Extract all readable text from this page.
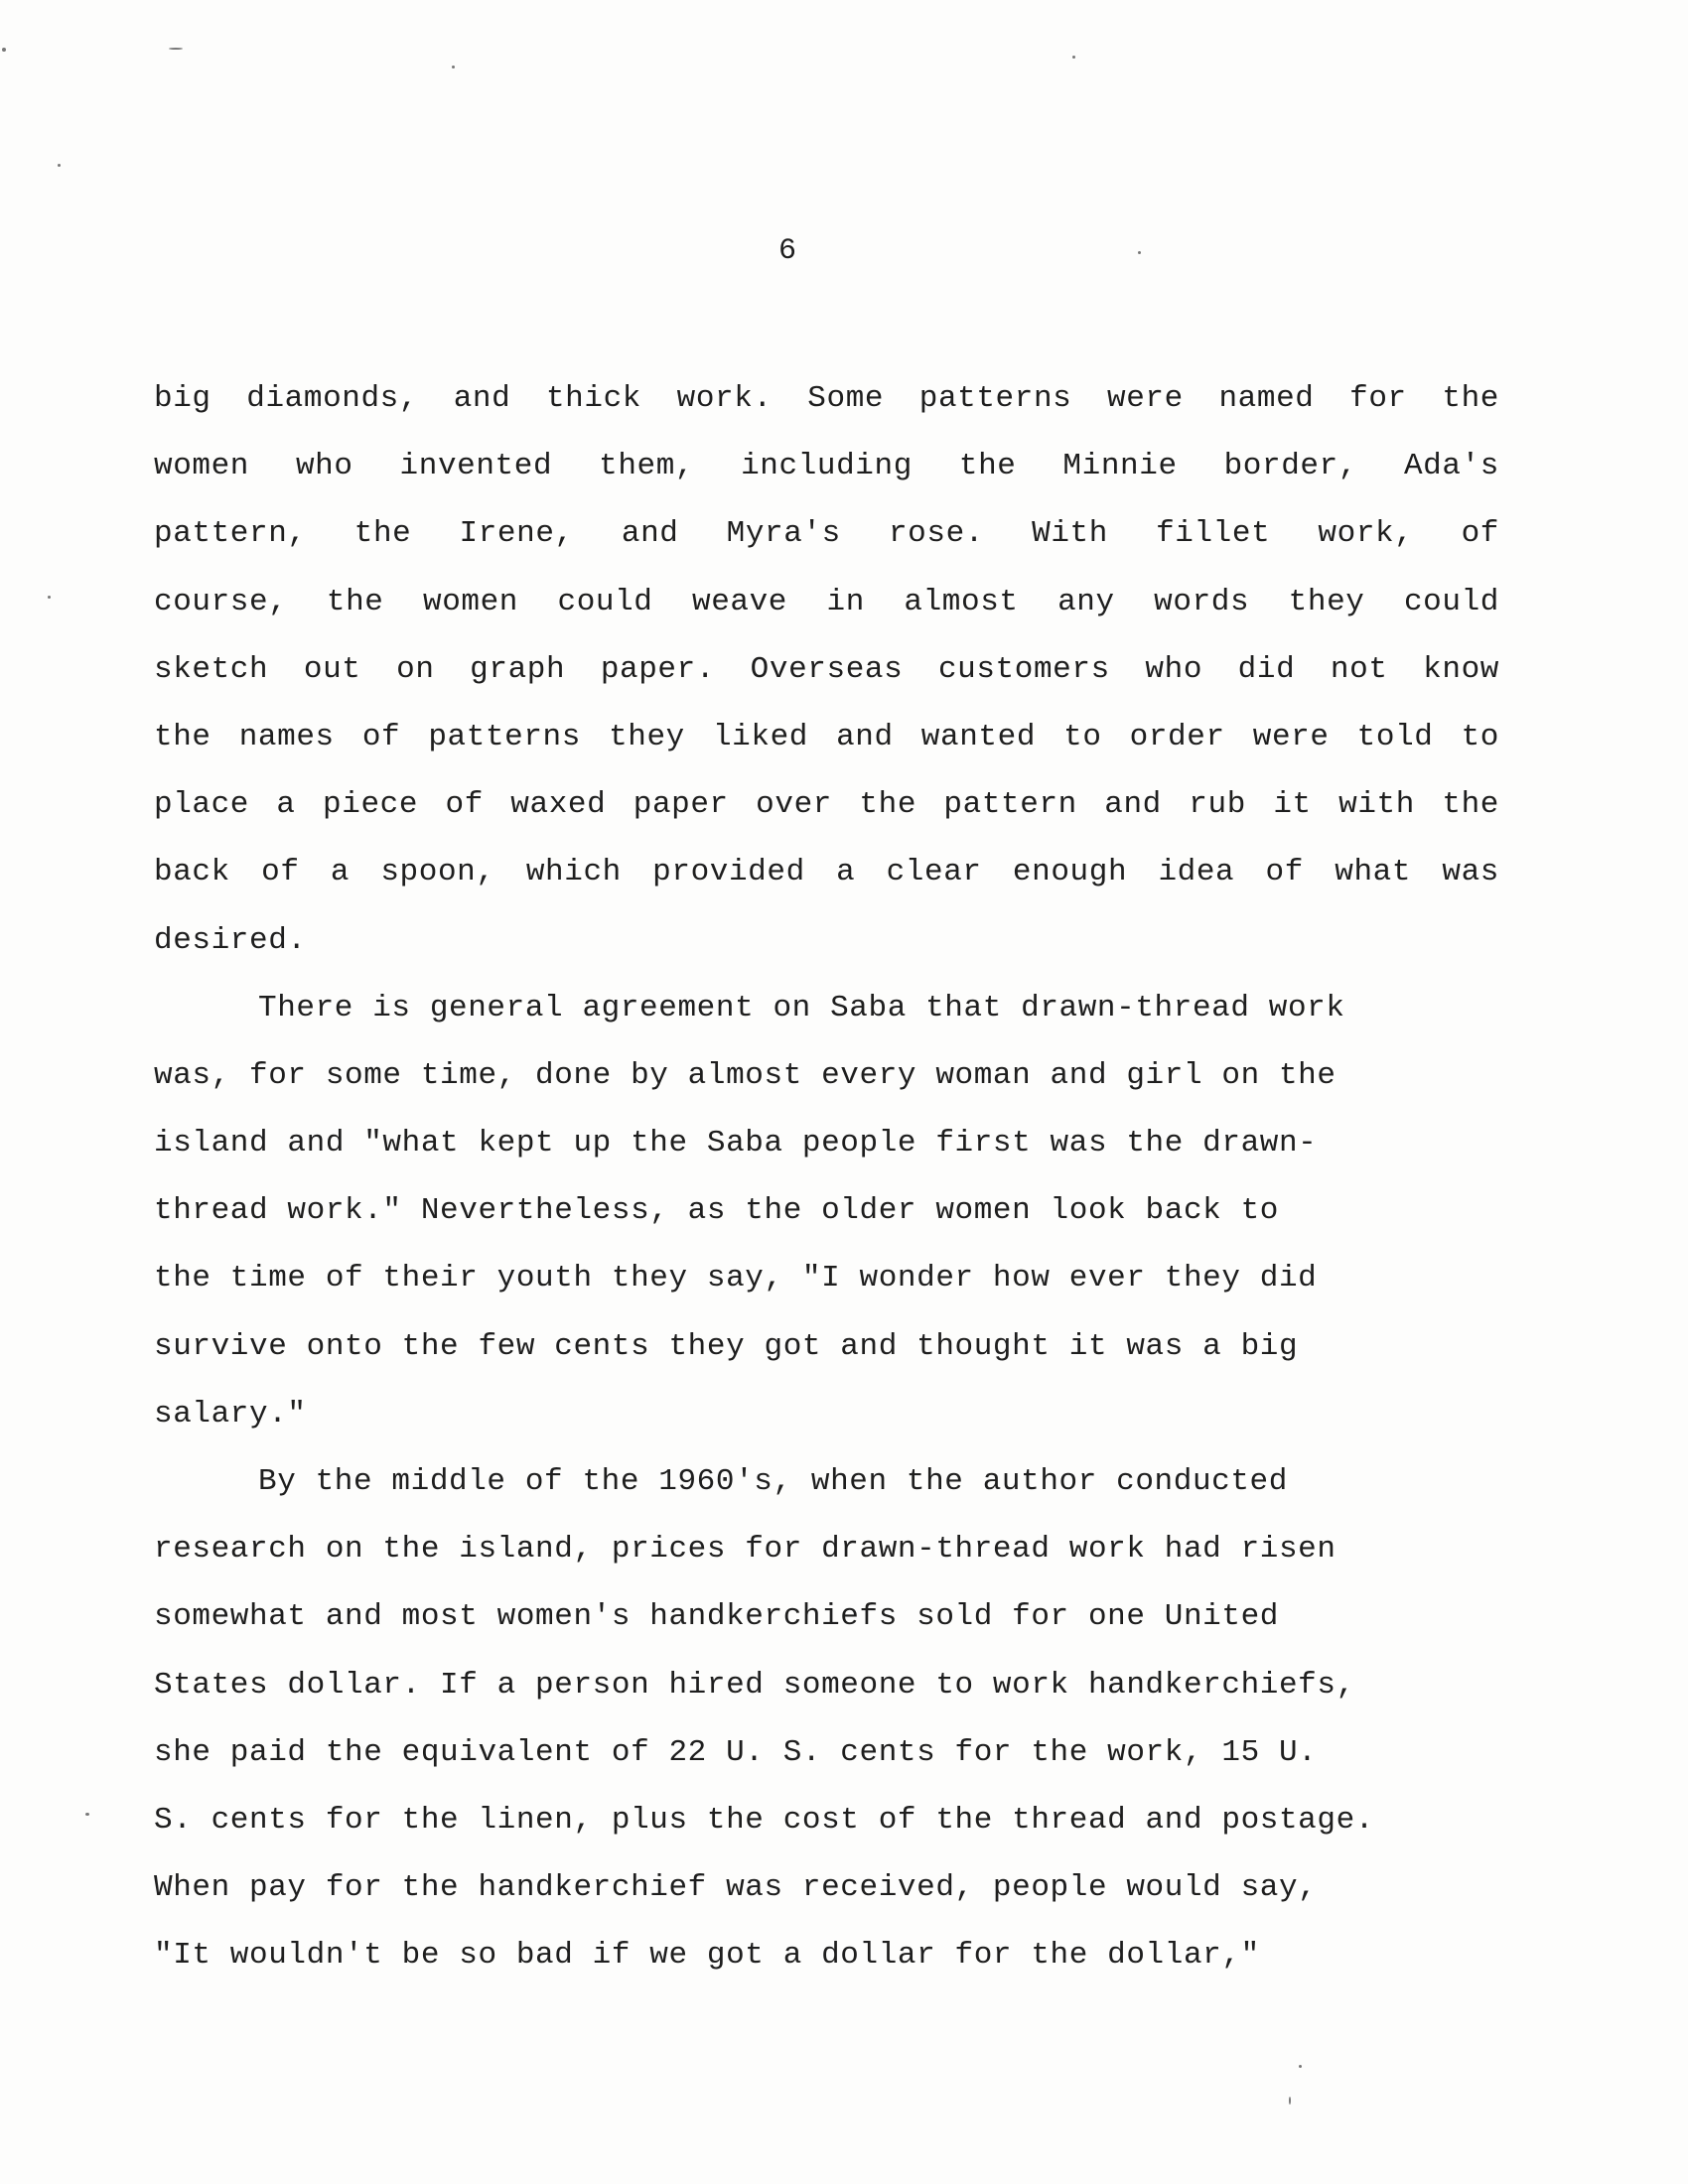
6
big diamonds, and thick work. Some patterns were named for the
women who invented them, including the Minnie border, Ada's
pattern, the Irene, and Myra's rose. With fillet work, of
course, the women could weave in almost any words they could
sketch out on graph paper. Overseas customers who did not know
the names of patterns they liked and wanted to order were told to
place a piece of waxed paper over the pattern and rub it with the
back of a spoon, which provided a clear enough idea of what was
desired.
There is general agreement on Saba that drawn-thread work
was, for some time, done by almost every woman and girl on the
island and "what kept up the Saba people first was the drawn-
thread work." Nevertheless, as the older women look back to
the time of their youth they say, "I wonder how ever they did
survive onto the few cents they got and thought it was a big
salary."
By the middle of the 1960's, when the author conducted
research on the island, prices for drawn-thread work had risen
somewhat and most women's handkerchiefs sold for one United
States dollar. If a person hired someone to work handkerchiefs,
she paid the equivalent of 22 U. S. cents for the work, 15 U.
S. cents for the linen, plus the cost of the thread and postage.
When pay for the handkerchief was received, people would say,
"It wouldn't be so bad if we got a dollar for the dollar,"
